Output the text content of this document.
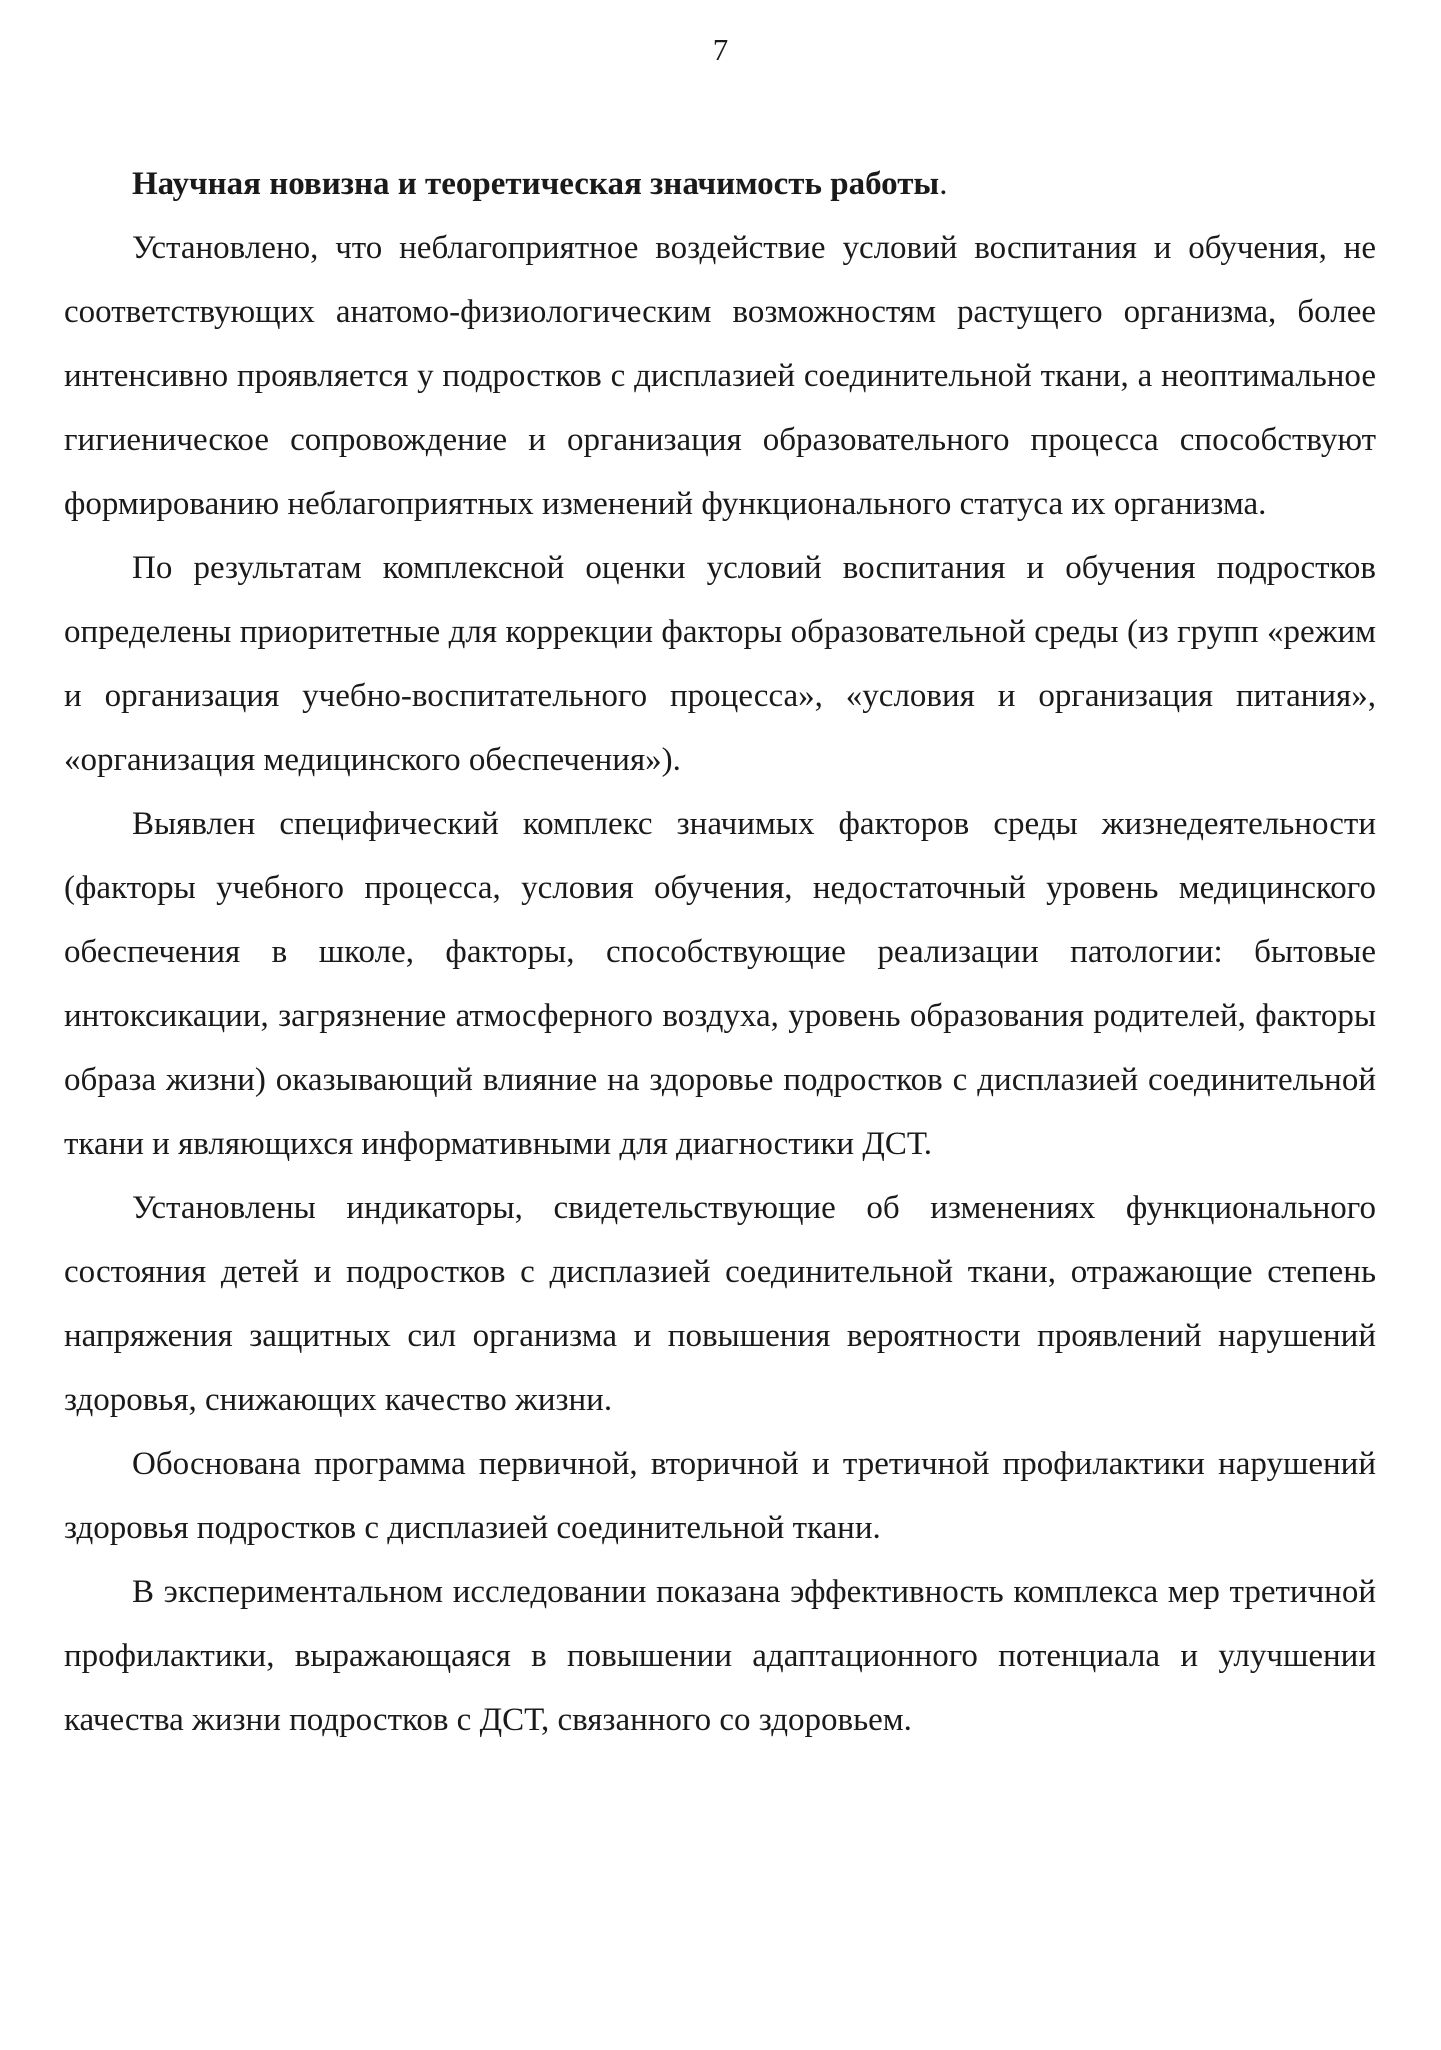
7

Научная новизна и теоретическая значимость работы.

Установлено, что неблагоприятное воздействие условий воспитания и обучения, не соответствующих анатомо-физиологическим возможностям растущего организма, более интенсивно проявляется у подростков с дисплазией соединительной ткани, а неоптимальное гигиеническое сопровождение и организация образовательного процесса способствуют формированию неблагоприятных изменений функционального статуса их организма.

По результатам комплексной оценки условий воспитания и обучения подростков определены приоритетные для коррекции факторы образовательной среды (из групп «режим и организация учебно-воспитательного процесса», «условия и организация питания», «организация медицинского обеспечения»).

Выявлен специфический комплекс значимых факторов среды жизнедеятельности (факторы учебного процесса, условия обучения, недостаточный уровень медицинского обеспечения в школе, факторы, способствующие реализации патологии: бытовые интоксикации, загрязнение атмосферного воздуха, уровень образования родителей, факторы образа жизни) оказывающий влияние на здоровье подростков с дисплазией соединительной ткани и являющихся информативными для диагностики ДСТ.

Установлены индикаторы, свидетельствующие об изменениях функционального состояния детей и подростков с дисплазией соединительной ткани, отражающие степень напряжения защитных сил организма и повышения вероятности проявлений нарушений здоровья, снижающих качество жизни.

Обоснована программа первичной, вторичной и третичной профилактики нарушений здоровья подростков с дисплазией соединительной ткани.

В экспериментальном исследовании показана эффективность комплекса мер третичной профилактики, выражающаяся в повышении адаптационного потенциала и улучшении качества жизни подростков с ДСТ, связанного со здоровьем.
